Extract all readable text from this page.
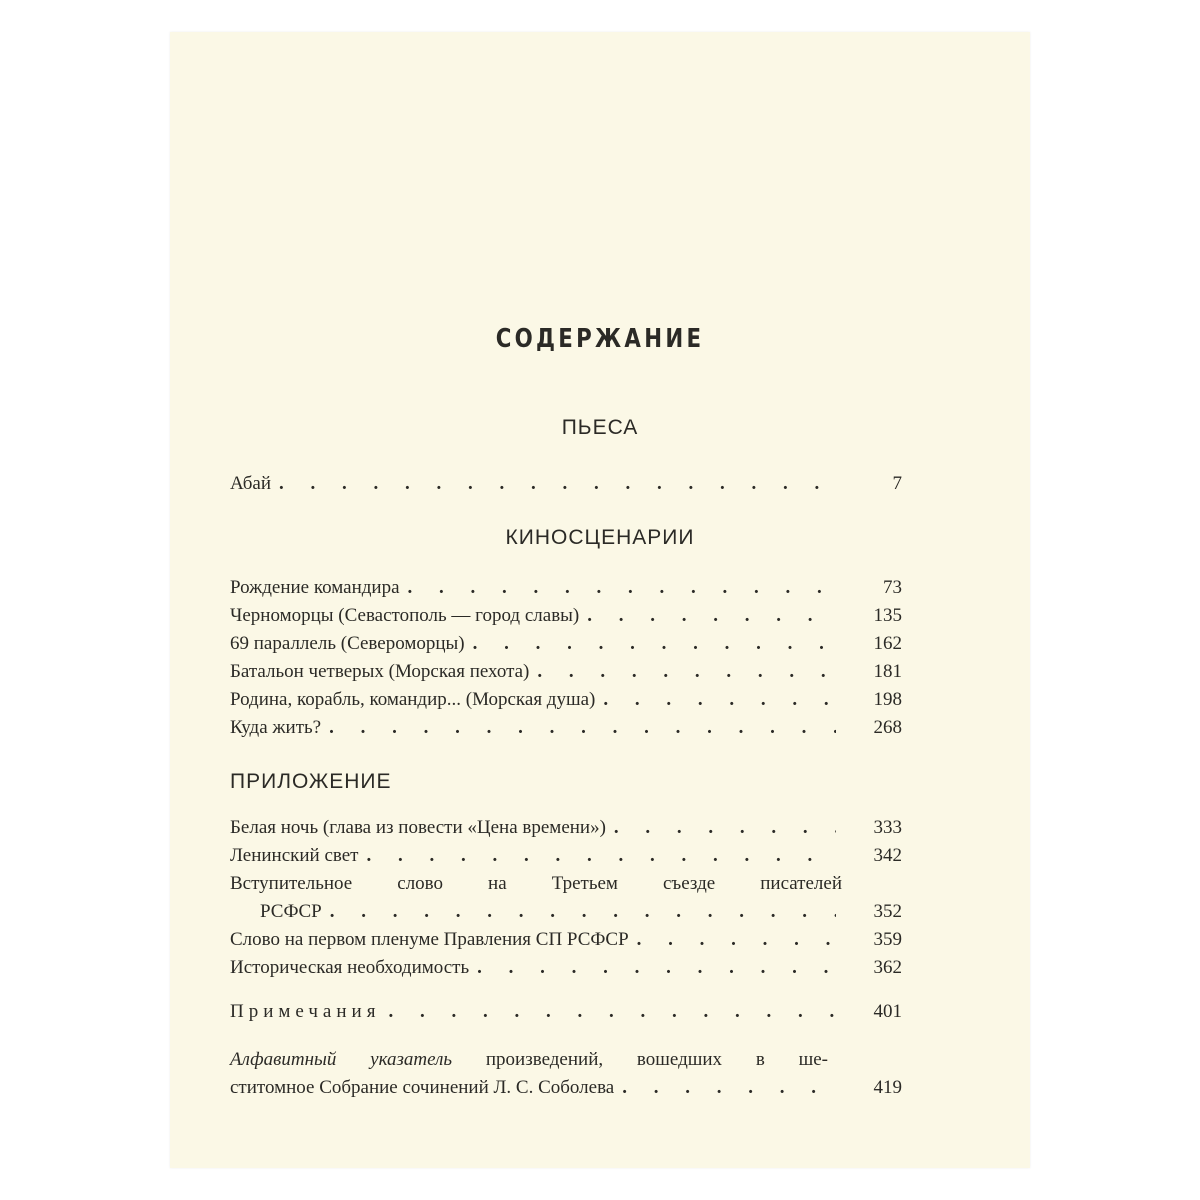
СОДЕРЖАНИЕ
ПЬЕСА
Абай . . .	7
КИНОСЦЕНАРИИ
Рождение командира . . .	73
Черноморцы (Севастополь — город славы) . . .	135
69 параллель (Североморцы) . . .	162
Батальон четверых (Морская пехота) . . .	181
Родина, корабль, командир... (Морская душа) . . .	198
Куда жить? . . .	268
ПРИЛОЖЕНИЕ
Белая ночь (глава из повести «Цена времени») . . .	333
Ленинский свет . . .	342
Вступительное слово на Третьем съезде писателей
РСФСР . . .	352
Слово на первом пленуме Правления СП РСФСР . . .	359
Историческая необходимость . . .	362
Примечания . . .	401
Алфавитный указатель произведений, вошедших в ше-
ститомное Собрание сочинений Л. С. Соболева . . .	419
